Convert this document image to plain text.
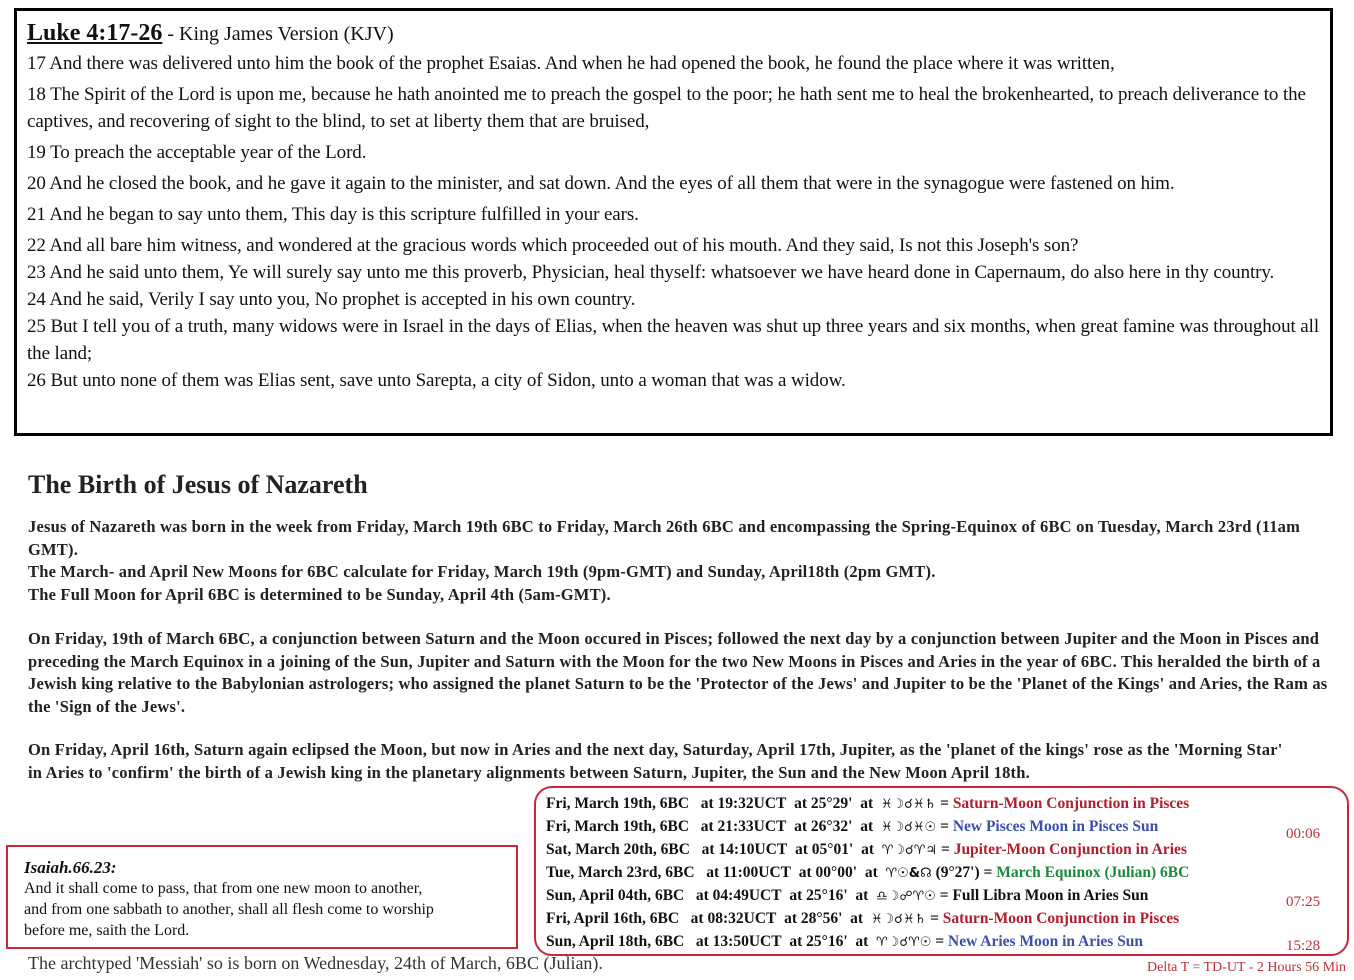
Luke 4:17-26 - King James Version (KJV)

17 And there was delivered unto him the book of the prophet Esaias. And when he had opened the book, he found the place where it was written,

18 The Spirit of the Lord is upon me, because he hath anointed me to preach the gospel to the poor; he hath sent me to heal the brokenhearted, to preach deliverance to the captives, and recovering of sight to the blind, to set at liberty them that are bruised,

19 To preach the acceptable year of the Lord.

20 And he closed the book, and he gave it again to the minister, and sat down. And the eyes of all them that were in the synagogue were fastened on him.

21 And he began to say unto them, This day is this scripture fulfilled in your ears.

22 And all bare him witness, and wondered at the gracious words which proceeded out of his mouth. And they said, Is not this Joseph's son?

23 And he said unto them, Ye will surely say unto me this proverb, Physician, heal thyself: whatsoever we have heard done in Capernaum, do also here in thy country.

24 And he said, Verily I say unto you, No prophet is accepted in his own country.

25 But I tell you of a truth, many widows were in Israel in the days of Elias, when the heaven was shut up three years and six months, when great famine was throughout all the land;

26 But unto none of them was Elias sent, save unto Sarepta, a city of Sidon, unto a woman that was a widow.

The Birth of Jesus of Nazareth
Jesus of Nazareth was born in the week from Friday, March 19th 6BC to Friday, March 26th 6BC and encompassing the Spring-Equinox of 6BC on Tuesday, March 23rd (11am GMT).
The March- and April New Moons for 6BC calculate for Friday, March 19th (9pm-GMT) and Sunday, April18th (2pm GMT).
The Full Moon for April 6BC is determined to be Sunday, April 4th (5am-GMT).
On Friday, 19th of March 6BC, a conjunction between Saturn and the Moon occured in Pisces; followed the next day by a conjunction between Jupiter and the Moon in Pisces and preceding the March Equinox in a joining of the Sun, Jupiter and Saturn with the Moon for the two New Moons in Pisces and Aries in the year of 6BC. This heralded the birth of a Jewish king relative to the Babylonian astrologers; who assigned the planet Saturn to be the 'Protector of the Jews' and Jupiter to be the 'Planet of the Kings' and Aries, the Ram as the 'Sign of the Jews'.
On Friday, April 16th, Saturn again eclipsed the Moon, but now in Aries and the next day, Saturday, April 17th, Jupiter, as the 'planet of the kings' rose as the 'Morning Star' in Aries to 'confirm' the birth of a Jewish king in the planetary alignments between Saturn, Jupiter, the Sun and the New Moon April 18th.
Isaiah.66.23:
And it shall come to pass, that from one new moon to another,
and from one sabbath to another, shall all flesh come to worship
before me, saith the Lord.
The archtyped 'Messiah' so is born on Wednesday, 24th of March, 6BC (Julian).
Fri, March 19th, 6BC at 19:32UCT at 25°29'  at  ♓☽☌♓♄ = Saturn-Moon Conjunction in Pisces
Fri, March 19th, 6BC at 21:33UCT at 26°32'  at  ♓☽☌♓☉ = New Pisces Moon in Pisces Sun
Sat, March 20th, 6BC at 14:10UCT at 05°01'  at  ♈☽☌♈♃ = Jupiter-Moon Conjunction in Aries
Tue, March 23rd, 6BC at 11:00UCT at 00°00'  at  ♈☉&☊ (9°27') = March Equinox (Julian) 6BC
Sun, April 04th, 6BC at 04:49UCT at 25°16'  at  ♎☽☍♈☉ = Full Libra Moon in Aries Sun
Fri, April 16th, 6BC at 08:32UCT at 28°56'  at  ♓☽☌♓♄ = Saturn-Moon Conjunction in Pisces
Sun, April 18th, 6BC at 13:50UCT at 25°16'  at  ♈☽☌♈☉ = New Aries Moon in Aries Sun
00:06
07:25
15:28
Delta T = TD-UT - 2 Hours 56 Min
